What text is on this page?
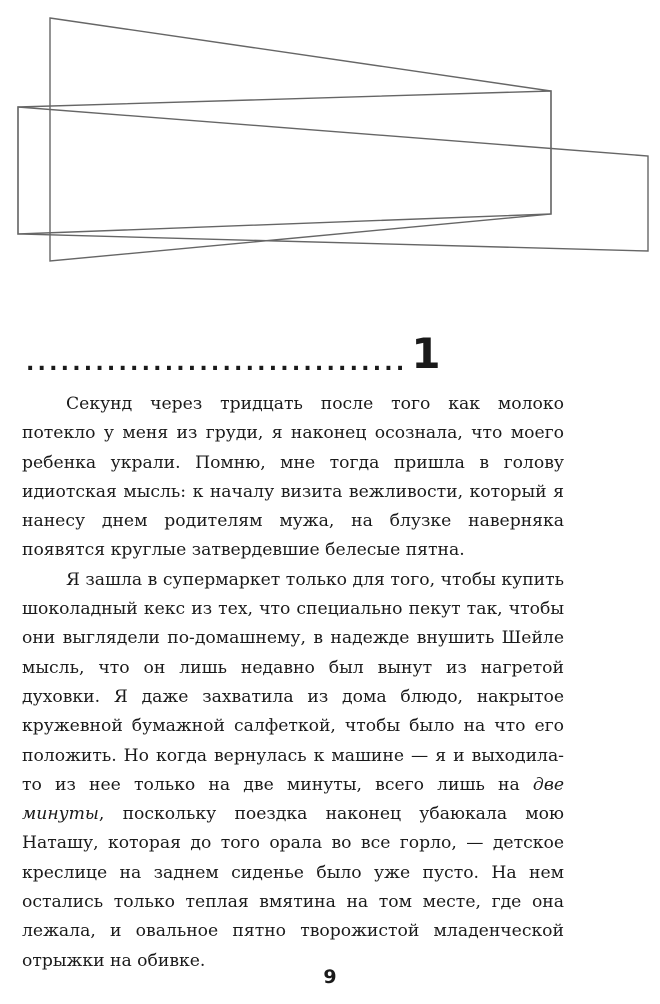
................................. 1

Секунд через тридцать после того как молоко потекло у меня из груди, я наконец осознала, что моего ребенка украли. Помню, мне тогда пришла в голову идиотская мысль: к началу визита вежливости, который я нанесу днем родителям мужа, на блузке наверняка появятся круглые затвердевшие белесые пятна.

Я зашла в супермаркет только для того, чтобы купить шоколадный кекс из тех, что специально пекут так, чтобы они выглядели по-домашнему, в надежде внушить Шейле мысль, что он лишь недавно был вынут из нагретой духовки. Я даже захватила из дома блюдо, накрытое кружевной бумажной салфеткой, чтобы было на что его положить. Но когда вернулась к машине — я и выходила-то из нее только на две минуты, всего лишь на две минуты, поскольку поездка наконец убаюкала мою Наташу, которая до того орала во все горло, — детское креслице на заднем сиденье было уже пусто. На нем остались только теплая вмятина на том месте, где она лежала, и овальное пятно творожистой младенческой отрыжки на обивке.

9
